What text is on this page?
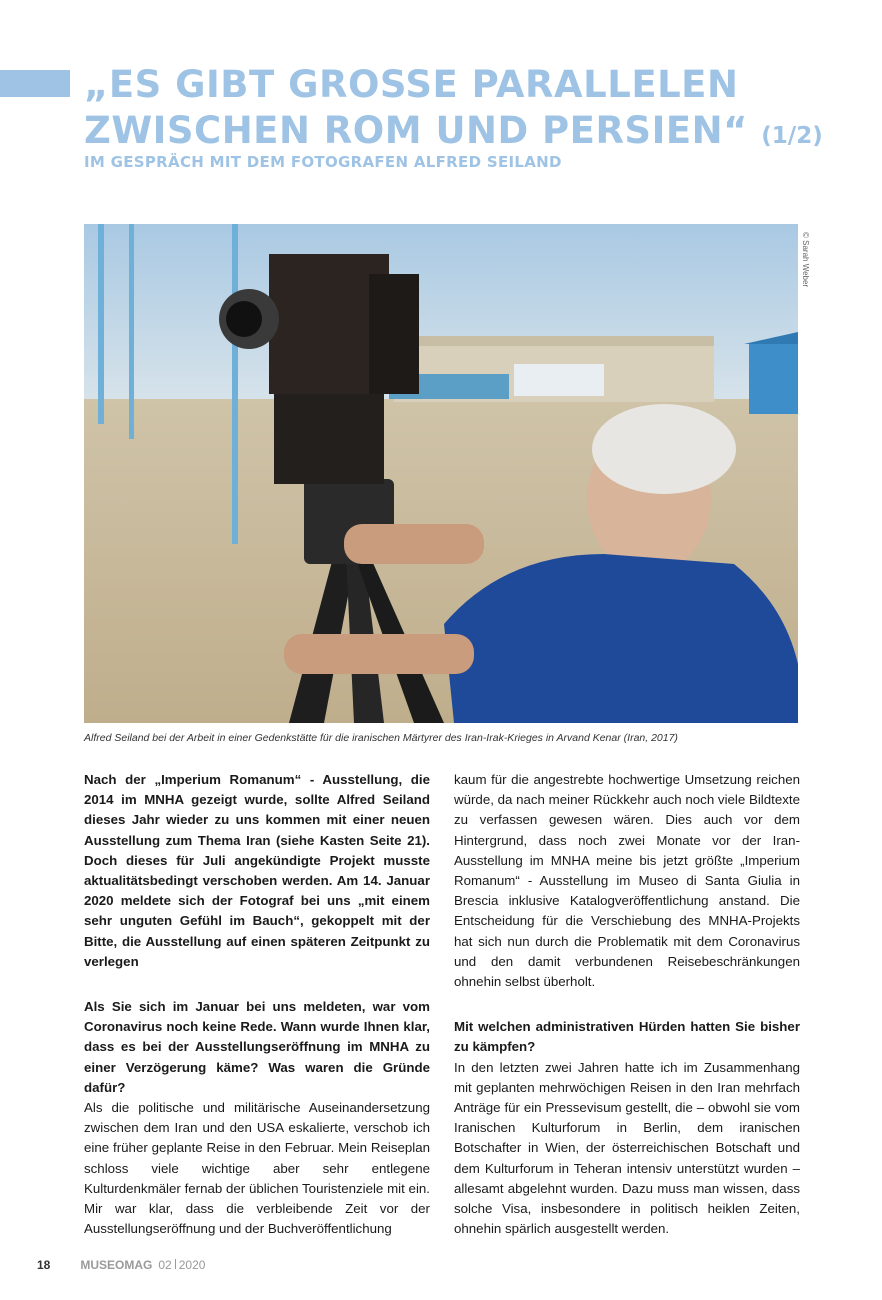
„ES GIBT GROSSE PARALLELEN
ZWISCHEN ROM UND PERSIEN“ (1/2)
IM GESPRÄCH MIT DEM FOTOGRAFEN ALFRED SEILAND
© Sarah Weber

Alfred Seiland bei der Arbeit in einer Gedenkstätte für die iranischen Märtyrer des Iran-Irak-Krieges in Arvand Kenar (Iran, 2017)

Nach der „Imperium Romanum“ - Ausstellung, die 2014 im MNHA gezeigt wurde, sollte Alfred Seiland dieses Jahr wieder zu uns kommen mit einer neuen Ausstellung zum Thema Iran (siehe Kasten Seite 21). Doch dieses für Juli angekündigte Projekt musste aktualitätsbedingt verschoben werden. Am 14. Januar 2020 meldete sich der Fotograf bei uns „mit einem sehr unguten Gefühl im Bauch“, gekoppelt mit der Bitte, die Ausstellung auf einen späteren Zeitpunkt zu verlegen

Als Sie sich im Januar bei uns meldeten, war vom Coronavirus noch keine Rede. Wann wurde Ihnen klar, dass es bei der Ausstellungseröffnung im MNHA zu einer Verzögerung käme? Was waren die Gründe dafür?

Als die politische und militärische Auseinandersetzung zwischen dem Iran und den USA eskalierte, verschob ich eine früher geplante Reise in den Februar. Mein Reiseplan schloss viele wichtige aber sehr entlegene Kulturdenkmäler fernab der üblichen Touristenziele mit ein. Mir war klar, dass die verbleibende Zeit vor der Ausstellungseröffnung und der Buchveröffentlichung

kaum für die angestrebte hochwertige Umsetzung reichen würde, da nach meiner Rückkehr auch noch viele Bildtexte zu verfassen gewesen wären. Dies auch vor dem Hintergrund, dass noch zwei Monate vor der Iran-Ausstellung im MNHA meine bis jetzt größte „Imperium Romanum“ - Ausstellung im Museo di Santa Giulia in Brescia inklusive Katalogveröffentlichung anstand. Die Entscheidung für die Verschiebung des MNHA-Projekts hat sich nun durch die Problematik mit dem Coronavirus und den damit verbundenen Reisebeschränkungen ohnehin selbst überholt.

Mit welchen administrativen Hürden hatten Sie bisher zu kämpfen?

In den letzten zwei Jahren hatte ich im Zusammenhang mit geplanten mehrwöchigen Reisen in den Iran mehrfach Anträge für ein Pressevisum gestellt, die – obwohl sie vom Iranischen Kulturforum in Berlin, dem iranischen Botschafter in Wien, der österreichischen Botschaft und dem Kulturforum in Teheran intensiv unterstützt wurden – allesamt abgelehnt wurden. Dazu muss man wissen, dass solche Visa, insbesondere in politisch heiklen Zeiten, ohnehin spärlich ausgestellt werden.

18	MUSEOMAG 02 2020
